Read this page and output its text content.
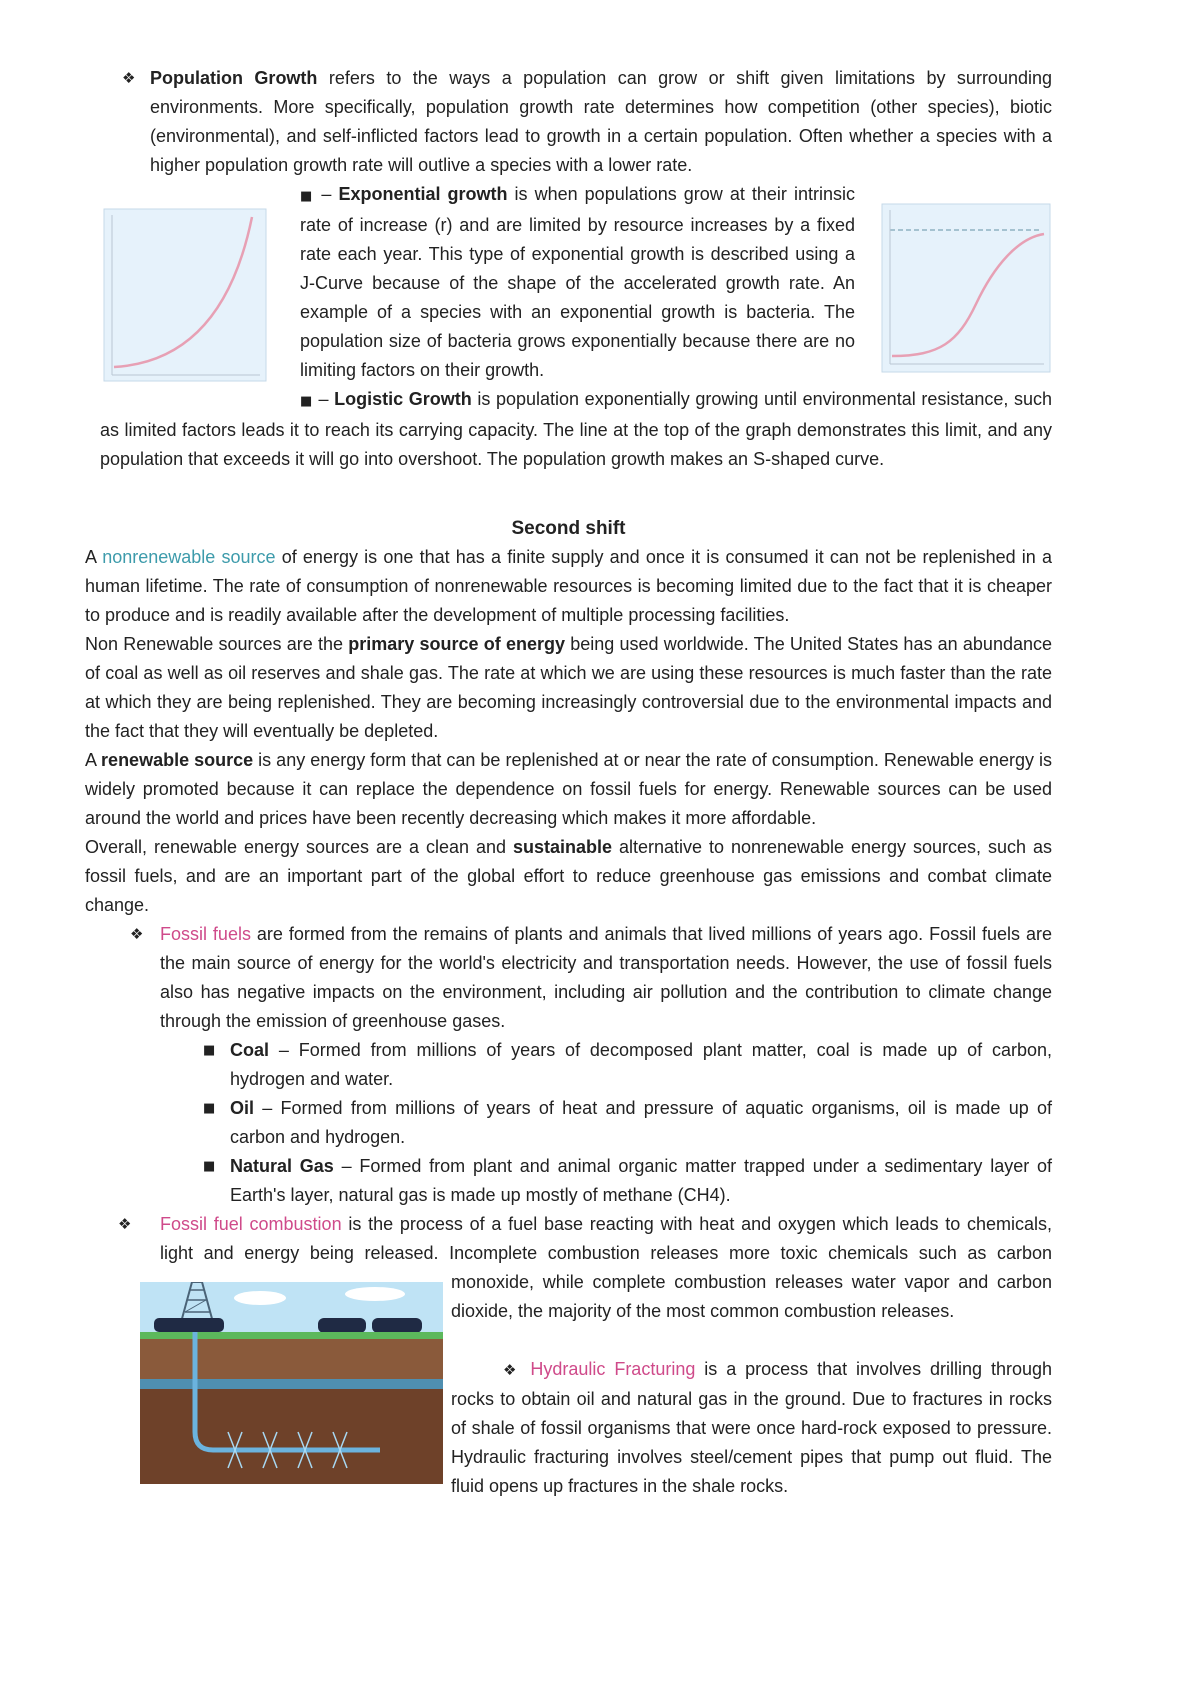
❖ Population Growth refers to the ways a population can grow or shift given limitations by surrounding environments. More specifically, population growth rate determines how competition (other species), biotic (environmental), and self-inflicted factors lead to growth in a certain population. Often whether a species with a higher population growth rate will outlive a species with a lower rate.

■ – Exponential growth is when populations grow at their intrinsic rate of increase (r) and are limited by resource increases by a fixed rate each year. This type of exponential growth is described using a J-Curve because of the shape of the accelerated growth rate. An example of a species with an exponential growth is bacteria. The population size of bacteria grows exponentially because there are no limiting factors on their growth.

■ – Logistic Growth is population exponentially growing until environmental resistance, such as limited factors leads it to reach its carrying capacity. The line at the top of the graph demonstrates this limit, and any population that exceeds it will go into overshoot. The population growth makes an S-shaped curve.

Second shift

A nonrenewable source of energy is one that has a finite supply and once it is consumed it can not be replenished in a human lifetime. The rate of consumption of nonrenewable resources is becoming limited due to the fact that it is cheaper to produce and is readily available after the development of multiple processing facilities.

Non Renewable sources are the primary source of energy being used worldwide. The United States has an abundance of coal as well as oil reserves and shale gas. The rate at which we are using these resources is much faster than the rate at which they are being replenished. They are becoming increasingly controversial due to the environmental impacts and the fact that they will eventually be depleted.

A renewable source is any energy form that can be replenished at or near the rate of consumption. Renewable energy is widely promoted because it can replace the dependence on fossil fuels for energy. Renewable sources can be used around the world and prices have been recently decreasing which makes it more affordable.

Overall, renewable energy sources are a clean and sustainable alternative to nonrenewable energy sources, such as fossil fuels, and are an important part of the global effort to reduce greenhouse gas emissions and combat climate change.

❖ Fossil fuels are formed from the remains of plants and animals that lived millions of years ago. Fossil fuels are the main source of energy for the world's electricity and transportation needs. However, the use of fossil fuels also has negative impacts on the environment, including air pollution and the contribution to climate change through the emission of greenhouse gases.

■ Coal – Formed from millions of years of decomposed plant matter, coal is made up of carbon, hydrogen and water.

■ Oil – Formed from millions of years of heat and pressure of aquatic organisms, oil is made up of carbon and hydrogen.

■ Natural Gas – Formed from plant and animal organic matter trapped under a sedimentary layer of Earth's layer, natural gas is made up mostly of methane (CH4).

❖ Fossil fuel combustion is the process of a fuel base reacting with heat and oxygen which leads to chemicals, light and energy being released. Incomplete combustion releases more toxic chemicals such as carbon monoxide, while complete combustion releases water vapor and carbon dioxide, the majority of the most common combustion releases.

❖ Hydraulic Fracturing is a process that involves drilling through rocks to obtain oil and natural gas in the ground. Due to fractures in rocks of shale of fossil organisms that were once hard-rock exposed to pressure. Hydraulic fracturing involves steel/cement pipes that pump out fluid. The fluid opens up fractures in the shale rocks.
